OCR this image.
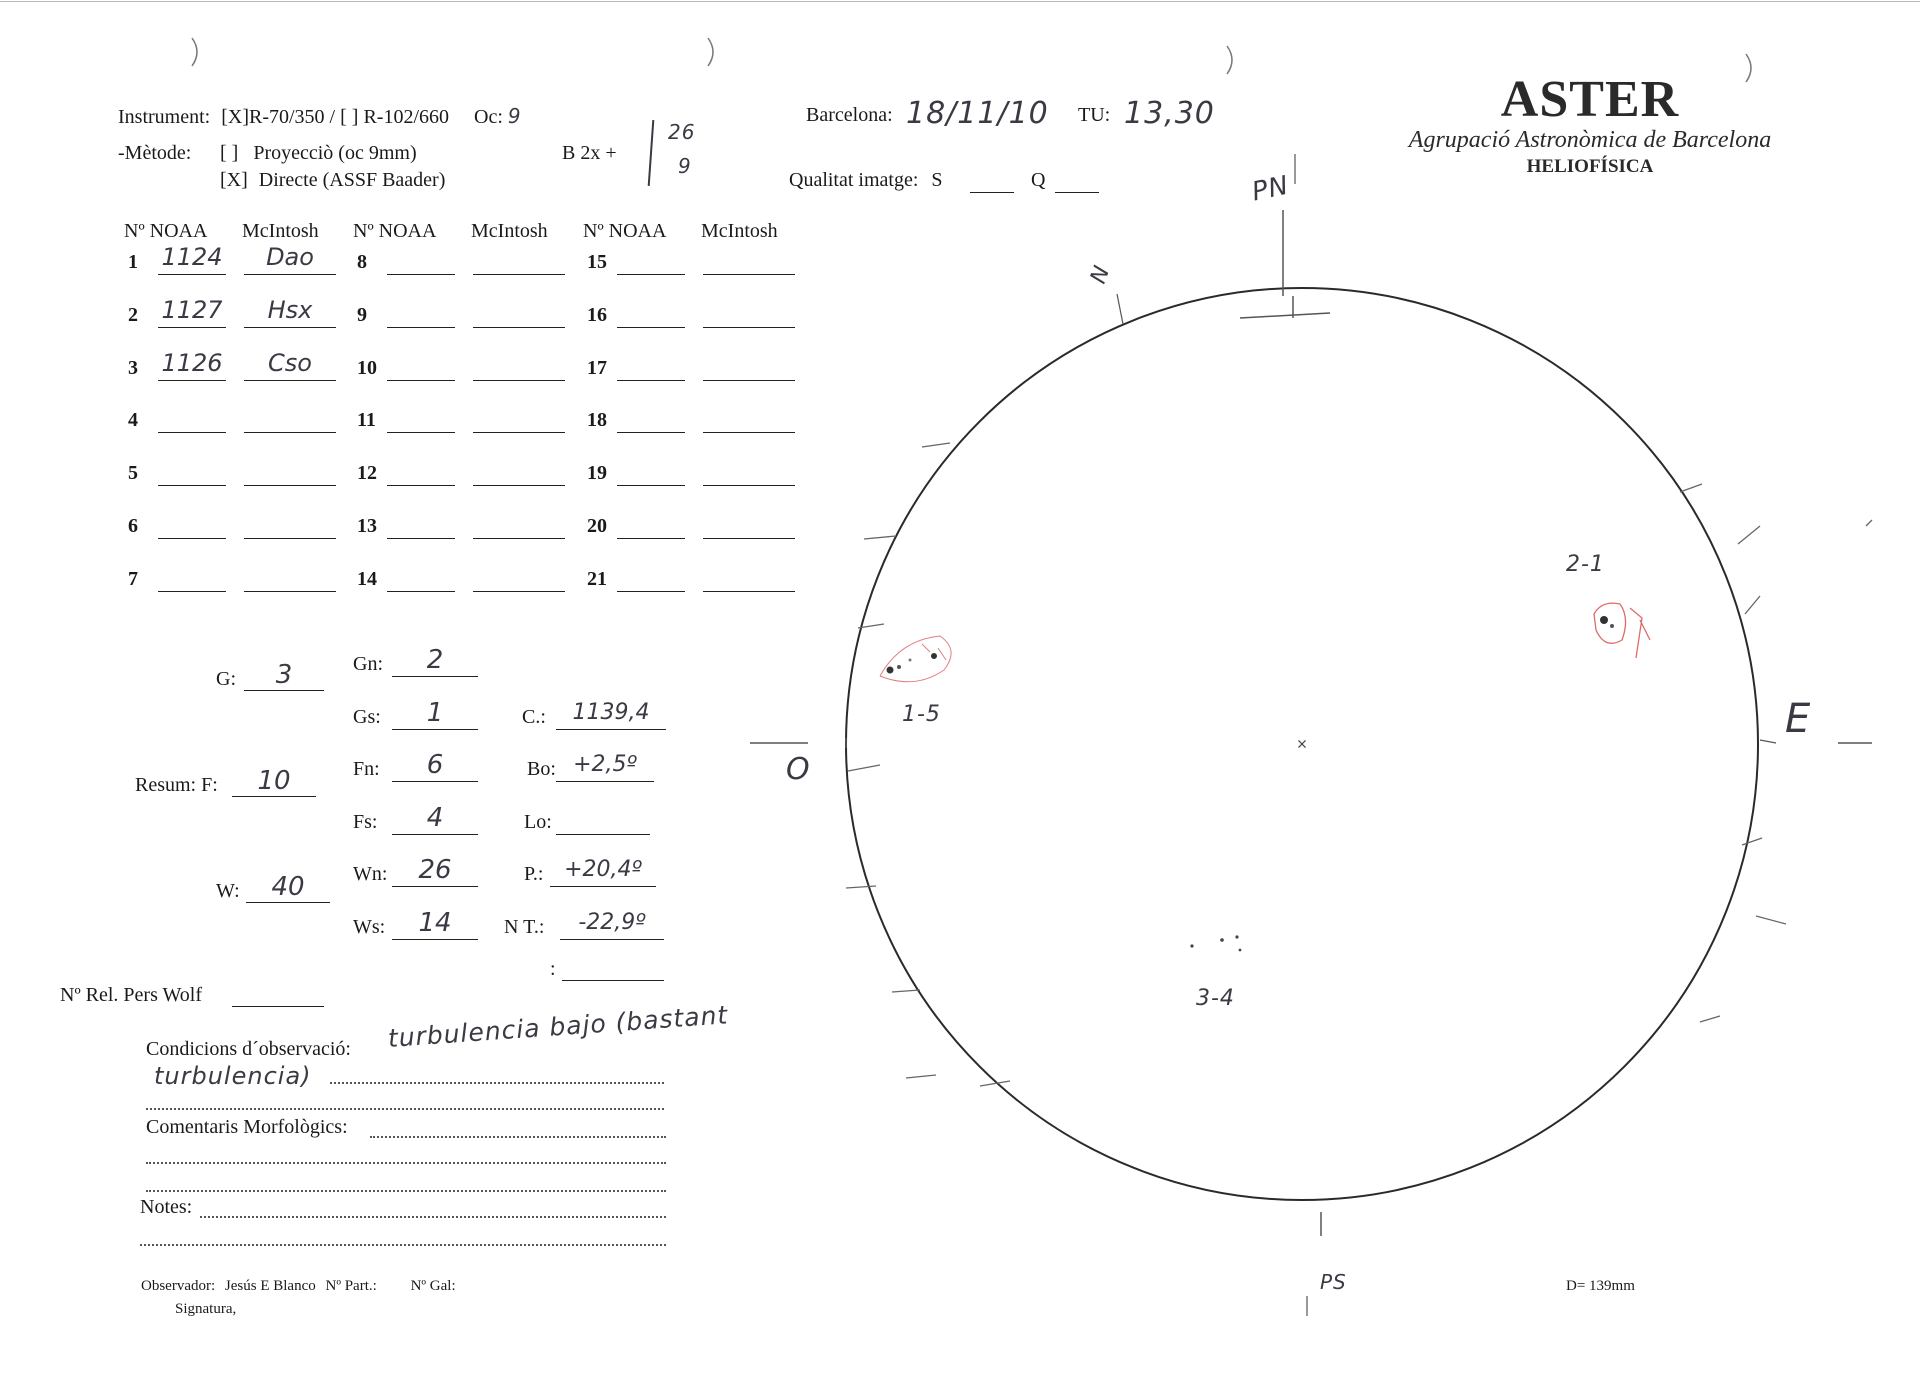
Instrument: [X]R-70/350 / [ ] R-102/660 Oc: 9
-Mètode: [ ] Proyecciò (oc 9mm)
[X] Directe (ASSF Baader)
B 2x +
26
9
Barcelona: 18/11/10 TU: 13,30
Qualitat imatge: S	Q
ASTER
Agrupació Astronòmica de Barcelona
HELIOFÍSICA
Nº NOAA McIntosh Nº NOAA McIntosh Nº NOAA McIntosh
1 1124	Dao
2 1127	Hsx
3 1126	Cso
4
5
6
7
8
9
10
11
12
13
14
15
16
17
18
19
20
21
G:	3
Resum: F:	10
W:	40
Gn:	2
Gs:	1
Fn:	6
Fs:	4
Wn:	26
Ws:	14
C.:	1139,4
Bo: +2,5º
Lo:
P.: +20,4º
N T.:	-22,9º
:
Nº Rel. Pers Wolf
Condicions d´observació: turbulencia bajo (bastant
turbulencia)
Comentaris Morfològics:
Notes:
Observador: Jesús E Blanco Nº Part.: Nº Gal:
Signatura,
D= 139mm
PN
N
E
O
PS
1-5
2-1
3-4
